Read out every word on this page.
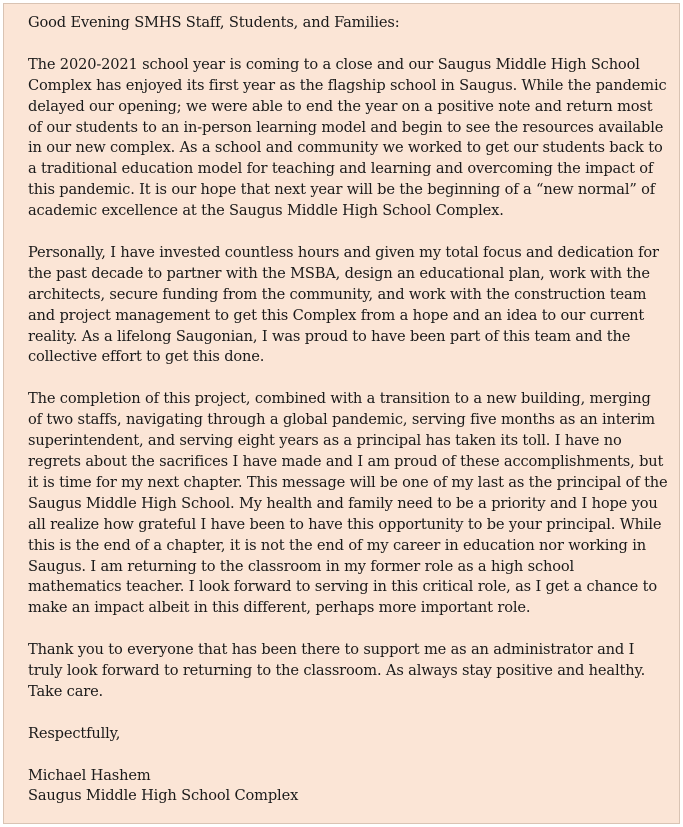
Good Evening SMHS Staff, Students, and Families:

The 2020-2021 school year is coming to a close and our Saugus Middle High School Complex has enjoyed its first year as the flagship school in Saugus. While the pandemic delayed our opening; we were able to end the year on a positive note and return most of our students to an in-person learning model and begin to see the resources available in our new complex. As a school and community we worked to get our students back to a traditional education model for teaching and learning and overcoming the impact of this pandemic. It is our hope that next year will be the beginning of a “new normal” of academic excellence at the Saugus Middle High School Complex.

Personally, I have invested countless hours and given my total focus and dedication for the past decade to partner with the MSBA, design an educational plan, work with the architects, secure funding from the community, and work with the construction team and project management to get this Complex from a hope and an idea to our current reality. As a lifelong Saugonian, I was proud to have been part of this team and the collective effort to get this done.

The completion of this project, combined with a transition to a new building, merging of two staffs, navigating through a global pandemic, serving five months as an interim superintendent, and serving eight years as a principal has taken its toll. I have no regrets about the sacrifices I have made and I am proud of these accomplishments, but it is time for my next chapter. This message will be one of my last as the principal of the Saugus Middle High School. My health and family need to be a priority and I hope you all realize how grateful I have been to have this opportunity to be your principal. While this is the end of a chapter, it is not the end of my career in education nor working in Saugus. I am returning to the classroom in my former role as a high school mathematics teacher. I look forward to serving in this critical role, as I get a chance to make an impact albeit in this different, perhaps more important role.

Thank you to everyone that has been there to support me as an administrator and I truly look forward to returning to the classroom. As always stay positive and healthy. Take care.

Respectfully,

Michael Hashem

Saugus Middle High School Complex
